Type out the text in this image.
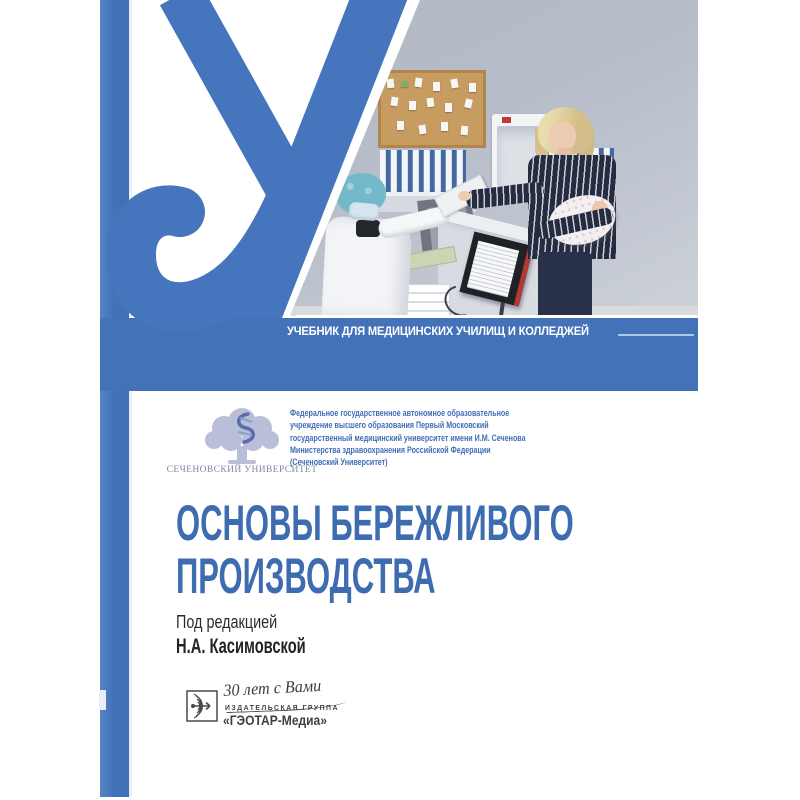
УЧЕБНИК ДЛЯ МЕДИЦИНСКИХ УЧИЛИЩ И КОЛЛЕДЖЕЙ
СЕЧЕНОВСКИЙ УНИВЕРСИТЕТ
Федеральное государственное автономное образовательное
учреждение высшего образования Первый Московский
государственный медицинский университет имени И.М. Сеченова
Министерства здравоохранения Российской Федерации
(Сеченовский Университет)
ОСНОВЫ БЕРЕЖЛИВОГО
ПРОИЗВОДСТВА
Под редакцией
Н.А. Касимовской
30 лет с Вами
ИЗДАТЕЛЬСКАЯ ГРУППА
«ГЭОТАР-Медиа»
